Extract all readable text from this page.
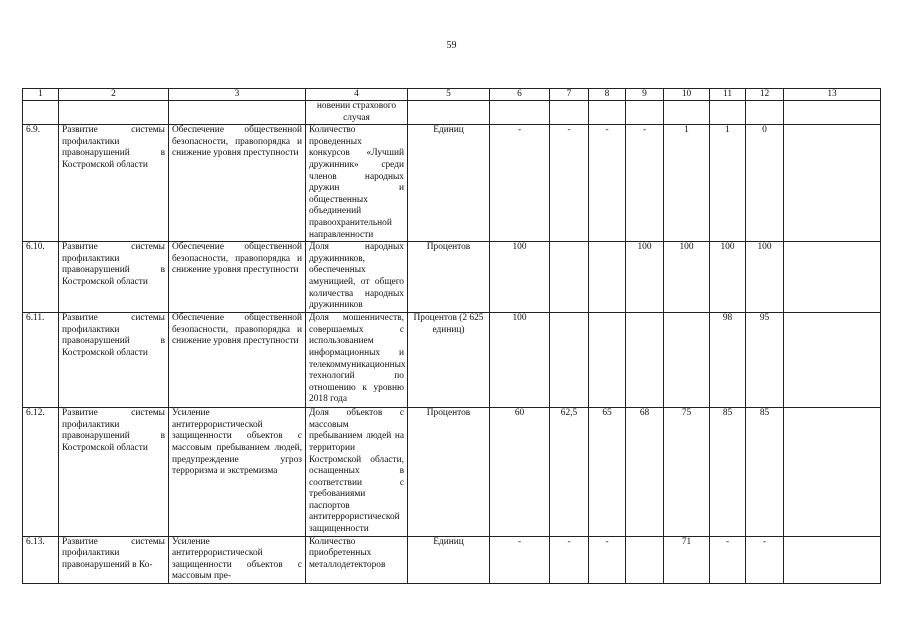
59
1	2	3	4	5	6	7	8	9	10	11	12	13
			новении страхового случая									
6.9.	Развитие системы профилактики правонарушений в Костромской области	Обеспечение общественной безопасности, правопорядка и снижение уровня преступности	Количество проведенных конкурсов «Лучший дружинник» среди членов народных дружин и общественных объединений правоохранительной направленности	Единиц	-	-	-	-	1	1	0	
6.10.	Развитие системы профилактики правонарушений в Костромской области	Обеспечение общественной безопасности, правопорядка и снижение уровня преступности	Доля народных дружинников, обеспеченных амуницией, от общего количества народных дружинников	Процентов	100			100	100	100	100	
6.11.	Развитие системы профилактики правонарушений в Костромской области	Обеспечение общественной безопасности, правопорядка и снижение уровня преступности	Доля мошенничеств, совершаемых с использованием информационных и телекоммуникационных технологий по отношению к уровню 2018 года	Процентов (2 625 единиц)	100					98	95	
6.12.	Развитие системы профилактики правонарушений в Костромской области	Усиление антитеррористической защищенности объектов с массовым пребыванием людей, предупреждение угроз терроризма и экстремизма	Доля объектов с массовым пребыванием людей на территории Костромской области, оснащенных в соответствии с требованиями паспортов антитеррористической защищенности	Процентов	60	62,5	65	68	75	85	85	
6.13.	Развитие системы профилактики правонарушений в Ко-	Усиление антитеррористической защищенности объектов с массовым пре-	Количество приобретенных металлодетекторов	Единиц	-	-	-		71	-	-	
